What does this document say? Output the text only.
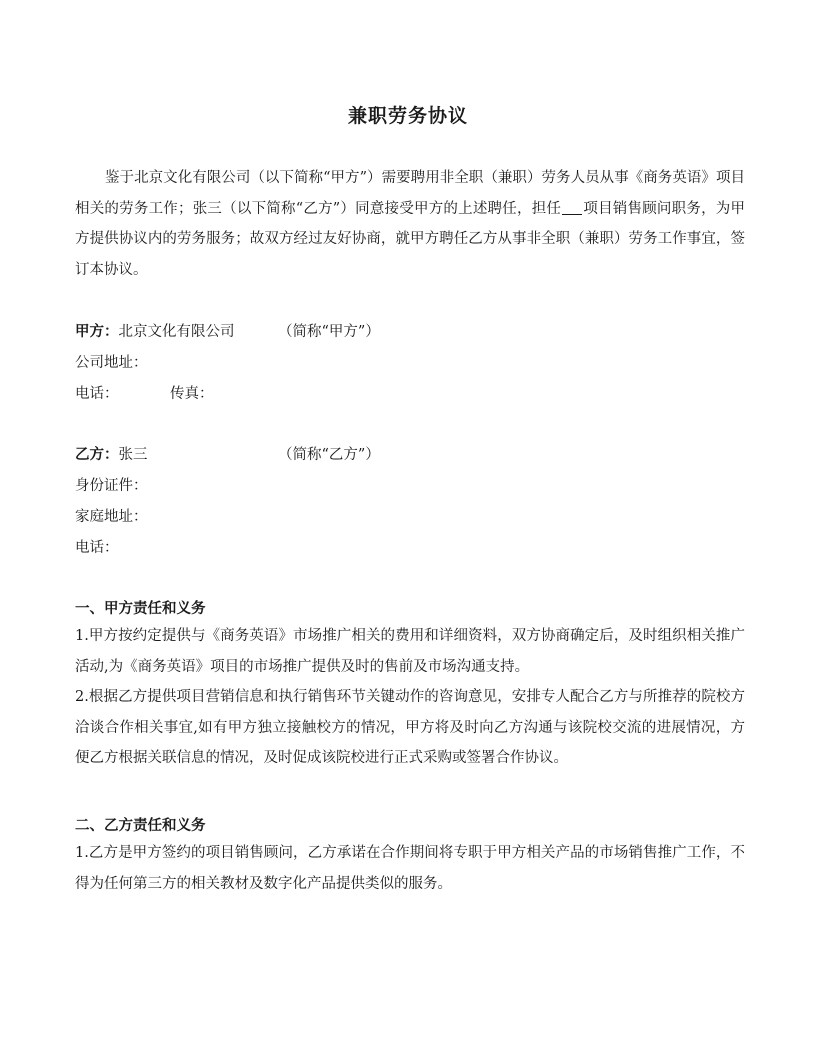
兼职劳务协议

鉴于北京文化有限公司（以下简称“甲方”）需要聘用非全职（兼职）劳务人员从事《商务英语》项目相关的劳务工作；张三（以下简称“乙方”）同意接受甲方的上述聘任，担任 项目销售顾问职务，为甲方提供协议内的劳务服务；故双方经过友好协商，就甲方聘任乙方从事非全职（兼职）劳务工作事宜，签订本协议。

甲方：北京文化有限公司	（简称“甲方”）
公司地址：
电话：	传真：
乙方：张三	（简称“乙方”）
身份证件：
家庭地址：
电话：
一、甲方责任和义务

1.甲方按约定提供与《商务英语》市场推广相关的费用和详细资料，双方协商确定后，及时组织相关推广活动,为《商务英语》项目的市场推广提供及时的售前及市场沟通支持。

2.根据乙方提供项目营销信息和执行销售环节关键动作的咨询意见，安排专人配合乙方与所推荐的院校方洽谈合作相关事宜,如有甲方独立接触校方的情况，甲方将及时向乙方沟通与该院校交流的进展情况，方便乙方根据关联信息的情况，及时促成该院校进行正式采购或签署合作协议。

二、乙方责任和义务

1.乙方是甲方签约的项目销售顾问，乙方承诺在合作期间将专职于甲方相关产品的市场销售推广工作，不得为任何第三方的相关教材及数字化产品提供类似的服务。
